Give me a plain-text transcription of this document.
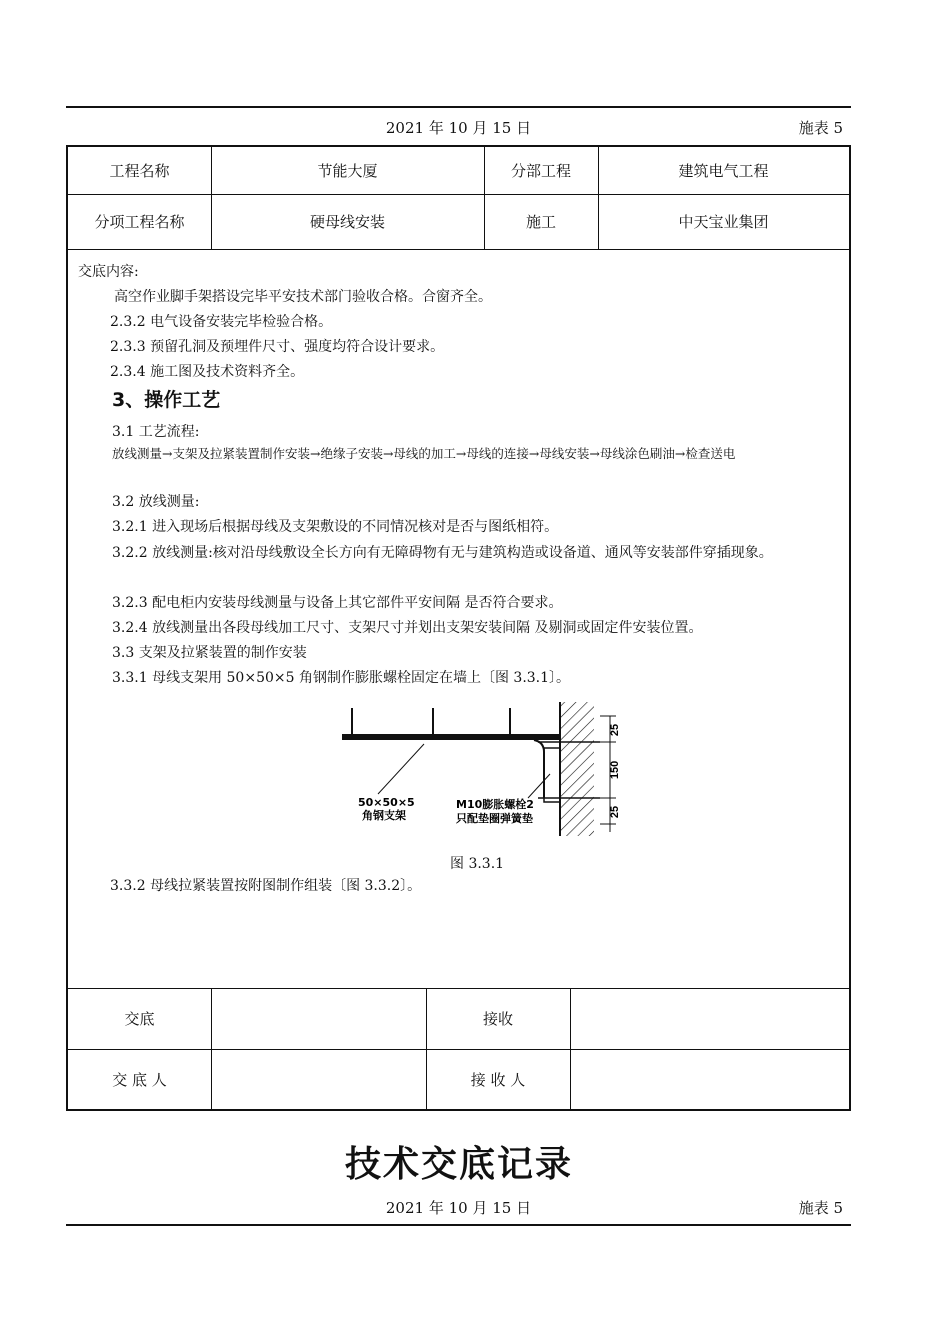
2021 年 10 月 15 日	施表 5
工程名称	节能大厦	分部工程	建筑电气工程
分项工程名称	硬母线安装	施工	中天宝业集团
交底内容:
高空作业脚手架搭设完毕平安技术部门验收合格。合窗齐全。
2.3.2 电气设备安装完毕检验合格。
2.3.3 预留孔洞及预埋件尺寸、强度均符合设计要求。
2.3.4 施工图及技术资料齐全。
3、操作工艺
3.1 工艺流程:
放线测量→支架及拉紧装置制作安装→绝缘子安装→母线的加工→母线的连接→母线安装→母线涂色刷油→检查送电
3.2 放线测量:
3.2.1 进入现场后根据母线及支架敷设的不同情况核对是否与图纸相符。
3.2.2 放线测量:核对沿母线敷设全长方向有无障碍物有无与建筑构造或设备道、通风等安装部件穿插现象。
3.2.3 配电柜内安装母线测量与设备上其它部件平安间隔 是否符合要求。
3.2.4 放线测量出各段母线加工尺寸、支架尺寸并划出支架安装间隔 及剔洞或固定件安装位置。
3.3 支架及拉紧装置的制作安装
3.3.1 母线支架用 50×50×5 角钢制作膨胀螺栓固定在墙上〔图 3.3.1〕。
3.3.2 母线拉紧装置按附图制作组装〔图 3.3.2〕。
25
150
25
50×50×5
角钢支架
M10膨胀螺栓2
只配垫圈弹簧垫
图 3.3.1
交底	接收
交 底 人	接 收 人
技术交底记录
2021 年 10 月 15 日	施表 5
